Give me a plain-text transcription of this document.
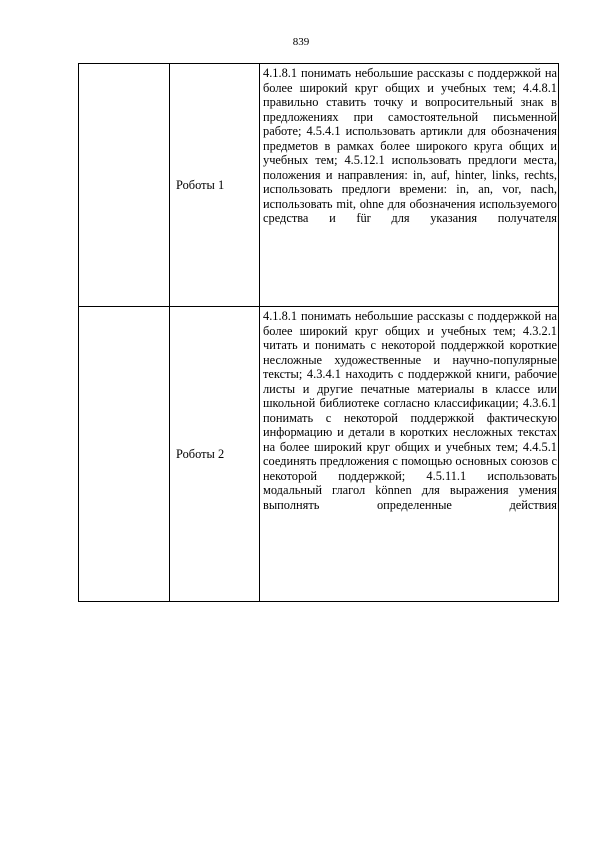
839
	Роботы 1	4.1.8.1 понимать небольшие рассказы с поддержкой на более широкий круг общих и учебных тем; 4.4.8.1 правильно ставить точку и вопросительный знак в предложениях при самостоятельной письменной работе; 4.5.4.1 использовать артикли для обозначения предметов в рамках более широкого круга общих и учебных тем; 4.5.12.1 использовать предлоги места, положения и направления: in, auf, hinter, links, rechts, использовать предлоги времени: in, an, vor, nach, использовать mit, ohne для обозначения используемого средства и für для указания получателя
	Роботы 2	4.1.8.1 понимать небольшие рассказы с поддержкой на более широкий круг общих и учебных тем; 4.3.2.1 читать и понимать с некоторой поддержкой короткие несложные художественные и научно-популярные тексты; 4.3.4.1 находить с поддержкой книги, рабочие листы и другие печатные материалы в классе или школьной библиотеке согласно классификации; 4.3.6.1 понимать с некоторой поддержкой фактическую информацию и детали в коротких несложных текстах на более широкий круг общих и учебных тем; 4.4.5.1 соединять предложения с помощью основных союзов с некоторой поддержкой; 4.5.11.1 использовать модальный глагол können для выражения умения выполнять определенные действия
